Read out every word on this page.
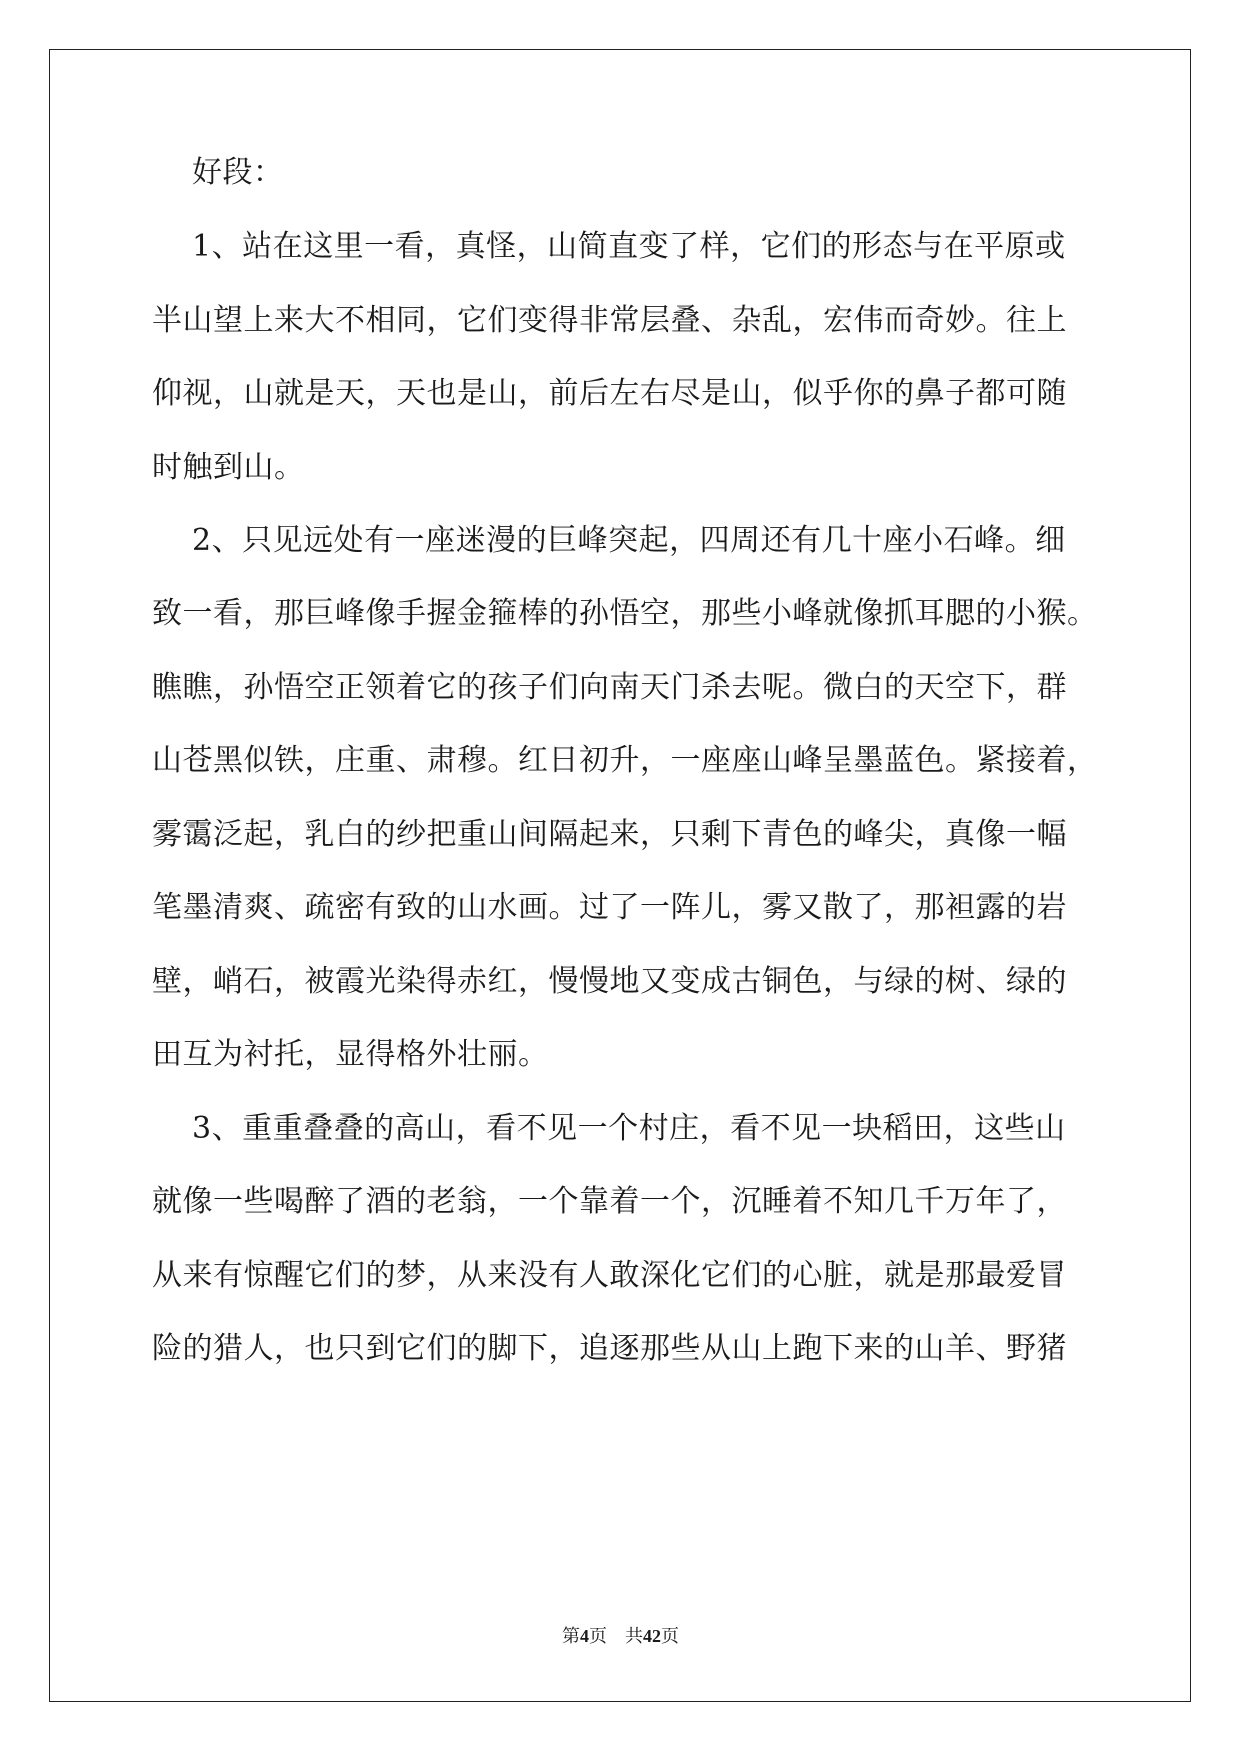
好段：
1、站在这里一看，真怪，山简直变了样，它们的形态与在平原或
半山望上来大不相同，它们变得非常层叠、杂乱，宏伟而奇妙。往上
仰视，山就是天，天也是山，前后左右尽是山，似乎你的鼻子都可随
时触到山。
2、只见远处有一座迷漫的巨峰突起，四周还有几十座小石峰。细
致一看，那巨峰像手握金箍棒的孙悟空，那些小峰就像抓耳腮的小猴。
瞧瞧，孙悟空正领着它的孩子们向南天门杀去呢。微白的天空下，群
山苍黑似铁，庄重、肃穆。红日初升，一座座山峰呈墨蓝色。紧接着，
雾霭泛起，乳白的纱把重山间隔起来，只剩下青色的峰尖，真像一幅
笔墨清爽、疏密有致的山水画。过了一阵儿，雾又散了，那袒露的岩
壁，峭石，被霞光染得赤红，慢慢地又变成古铜色，与绿的树、绿的
田互为衬托，显得格外壮丽。
3、重重叠叠的高山，看不见一个村庄，看不见一块稻田，这些山
就像一些喝醉了酒的老翁，一个靠着一个，沉睡着不知几千万年了，
从来有惊醒它们的梦，从来没有人敢深化它们的心脏，就是那最爱冒
险的猎人，也只到它们的脚下，追逐那些从山上跑下来的山羊、野猪
第4页 共42页
